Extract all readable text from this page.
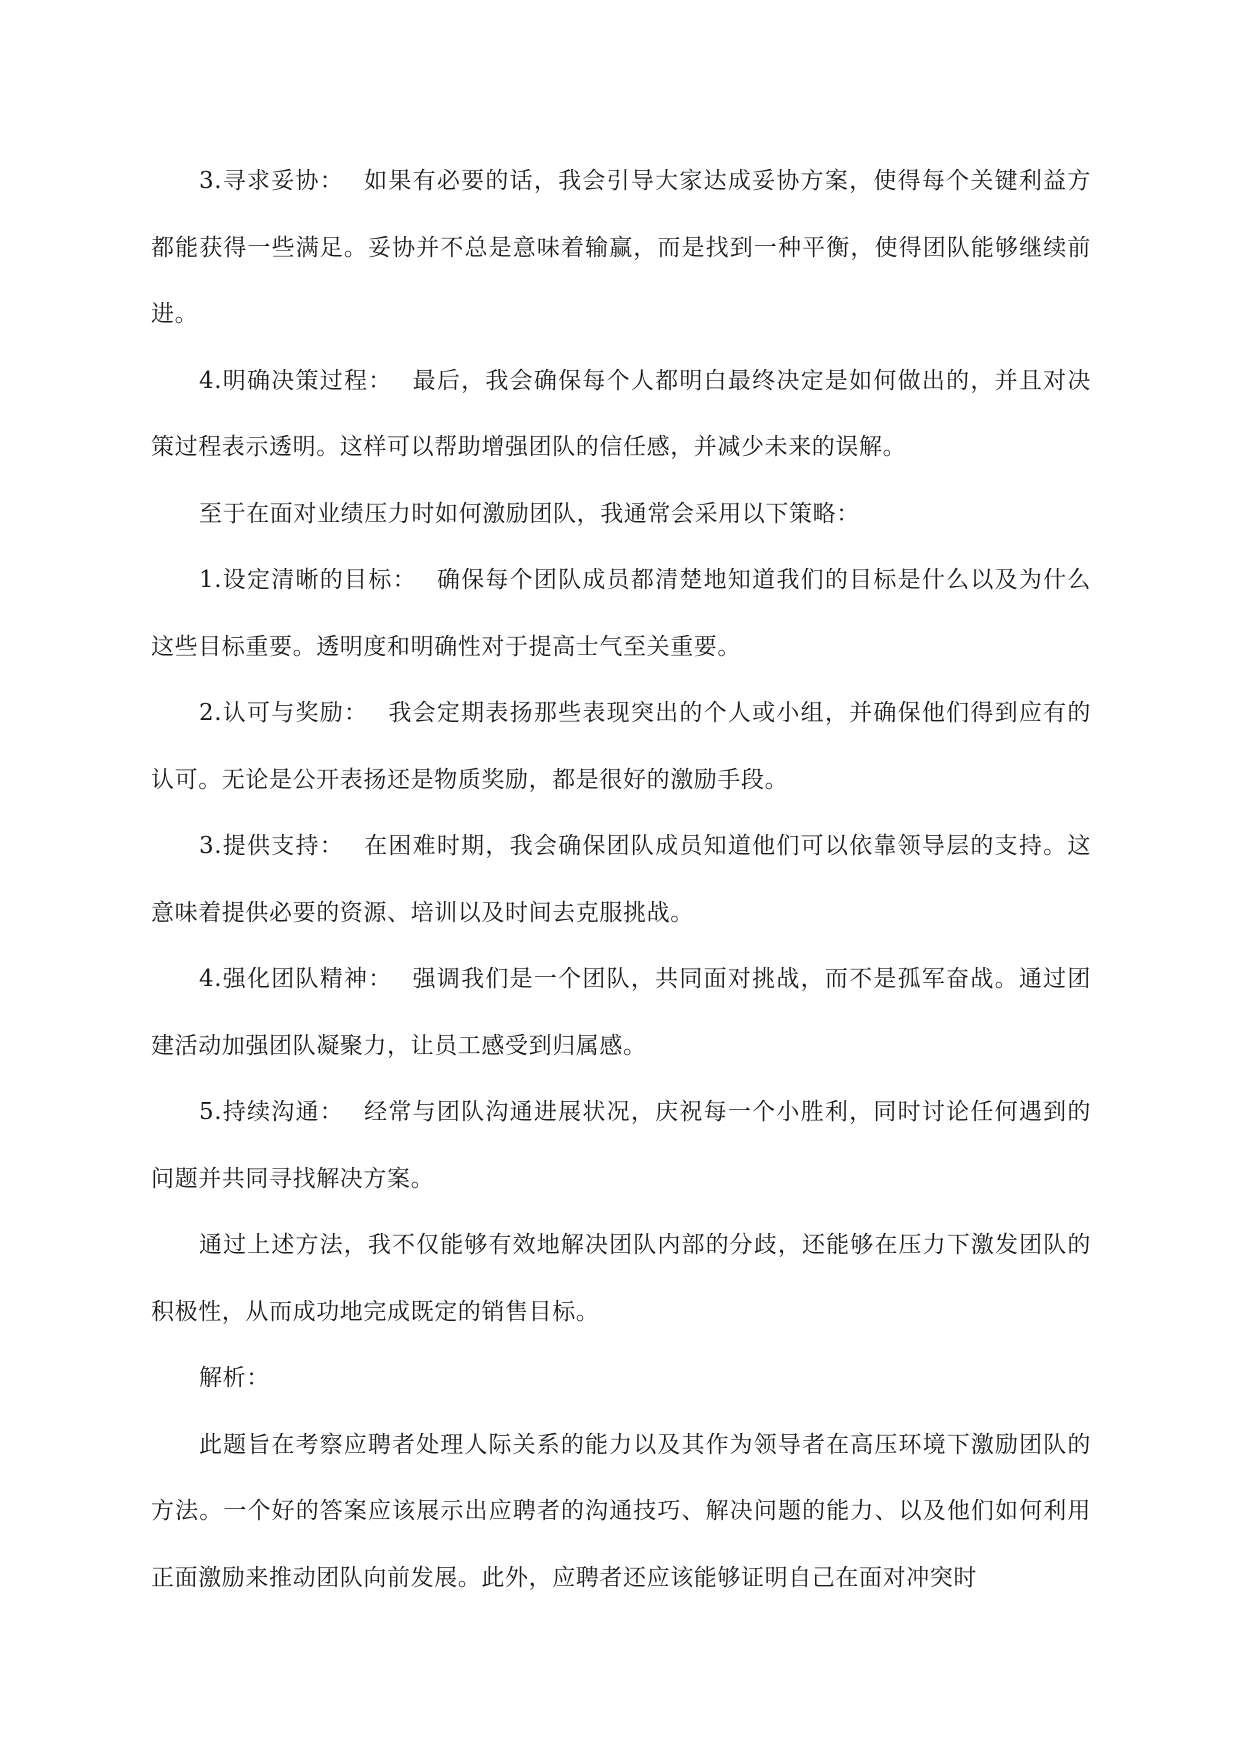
3.寻求妥协： 如果有必要的话，我会引导大家达成妥协方案，使得每个关键利益方都能获得一些满足。妥协并不总是意味着输赢，而是找到一种平衡，使得团队能够继续前进。

4.明确决策过程： 最后，我会确保每个人都明白最终决定是如何做出的，并且对决策过程表示透明。这样可以帮助增强团队的信任感，并减少未来的误解。

至于在面对业绩压力时如何激励团队，我通常会采用以下策略：

1.设定清晰的目标： 确保每个团队成员都清楚地知道我们的目标是什么以及为什么这些目标重要。透明度和明确性对于提高士气至关重要。

2.认可与奖励： 我会定期表扬那些表现突出的个人或小组，并确保他们得到应有的认可。无论是公开表扬还是物质奖励，都是很好的激励手段。

3.提供支持： 在困难时期，我会确保团队成员知道他们可以依靠领导层的支持。这意味着提供必要的资源、培训以及时间去克服挑战。

4.强化团队精神： 强调我们是一个团队，共同面对挑战，而不是孤军奋战。通过团建活动加强团队凝聚力，让员工感受到归属感。

5.持续沟通： 经常与团队沟通进展状况，庆祝每一个小胜利，同时讨论任何遇到的问题并共同寻找解决方案。

通过上述方法，我不仅能够有效地解决团队内部的分歧，还能够在压力下激发团队的积极性，从而成功地完成既定的销售目标。

解析：

此题旨在考察应聘者处理人际关系的能力以及其作为领导者在高压环境下激励团队的方法。一个好的答案应该展示出应聘者的沟通技巧、解决问题的能力、以及他们如何利用正面激励来推动团队向前发展。此外，应聘者还应该能够证明自己在面对冲突时
